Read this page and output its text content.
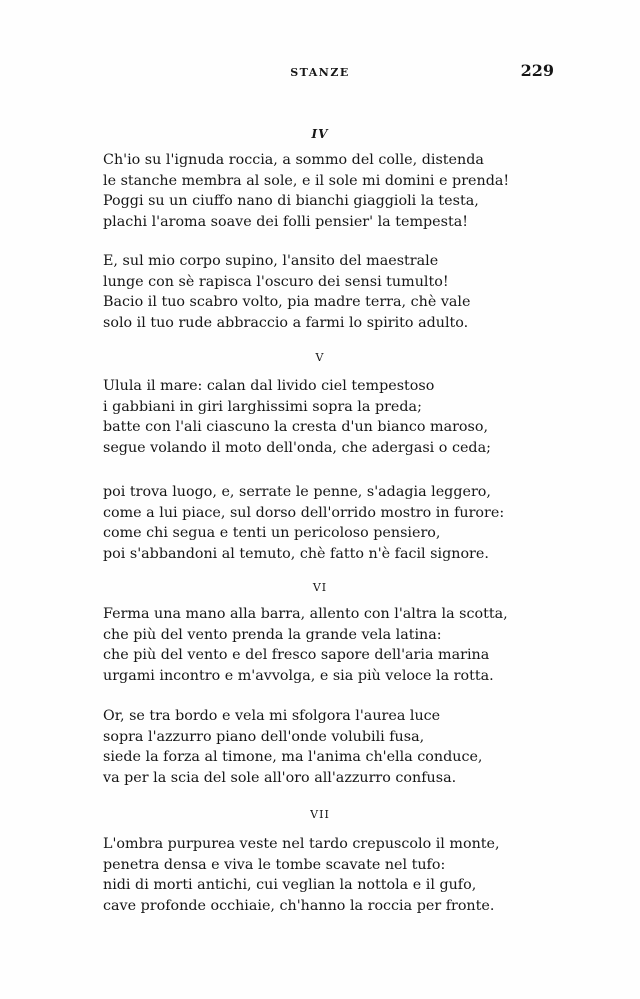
STANZE	229
IV
Ch'io su l'ignuda roccia, a sommo del colle, distenda
le stanche membra al sole, e il sole mi domini e prenda!
Poggi su un ciuffo nano di bianchi giaggioli la testa,
plachi l'aroma soave dei folli pensier' la tempesta!
E, sul mio corpo supino, l'ansito del maestrale
lunge con sè rapisca l'oscuro dei sensi tumulto!
Bacio il tuo scabro volto, pia madre terra, chè vale
solo il tuo rude abbraccio a farmi lo spirito adulto.
V
Ulula il mare: calan dal livido ciel tempestoso
i gabbiani in giri larghissimi sopra la preda;
batte con l'ali ciascuno la cresta d'un bianco maroso,
segue volando il moto dell'onda, che adergasi o ceda;
poi trova luogo, e, serrate le penne, s'adagia leggero,
come a lui piace, sul dorso dell'orrido mostro in furore:
come chi segua e tenti un pericoloso pensiero,
poi s'abbandoni al temuto, chè fatto n'è facil signore.
VI
Ferma una mano alla barra, allento con l'altra la scotta,
che più del vento prenda la grande vela latina:
che più del vento e del fresco sapore dell'aria marina
urgami incontro e m'avvolga, e sia più veloce la rotta.
Or, se tra bordo e vela mi sfolgora l'aurea luce
sopra l'azzurro piano dell'onde volubili fusa,
siede la forza al timone, ma l'anima ch'ella conduce,
va per la scia del sole all'oro all'azzurro confusa.
VII
L'ombra purpurea veste nel tardo crepuscolo il monte,
penetra densa e viva le tombe scavate nel tufo:
nidi di morti antichi, cui veglian la nottola e il gufo,
cave profonde occhiaie, ch'hanno la roccia per fronte.
